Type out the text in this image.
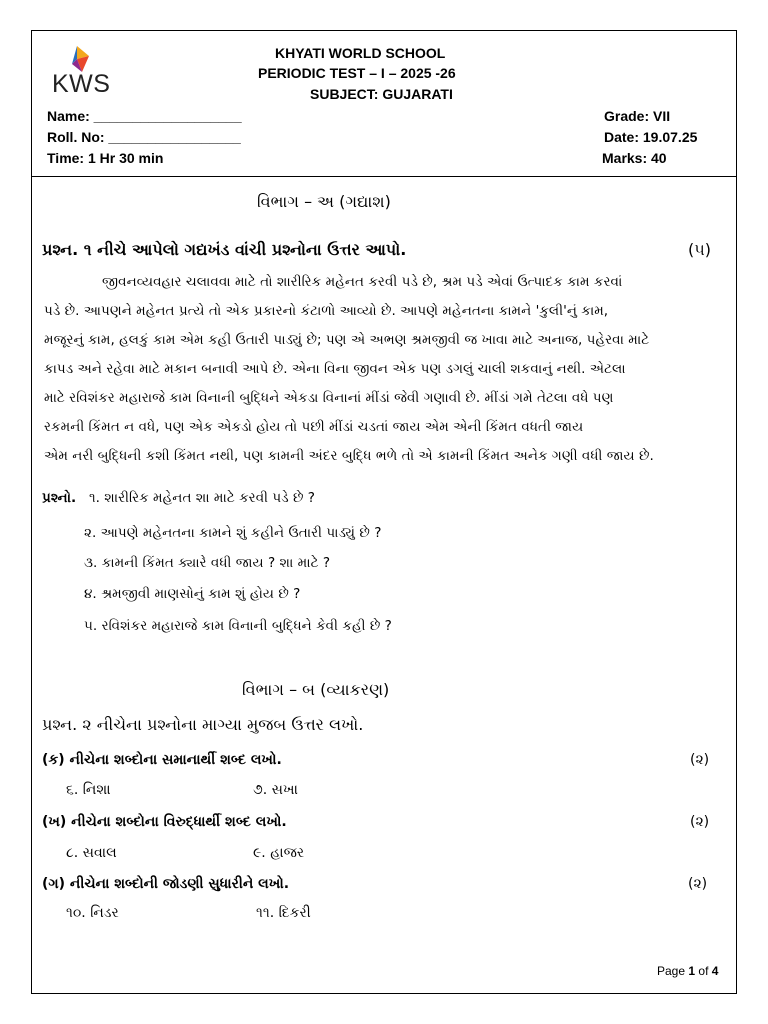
KWS
KHYATI WORLD SCHOOL
PERIODIC TEST – I – 2025 -26
SUBJECT: GUJARATI
Name: ___________________
Roll. No: _________________
Time: 1 Hr 30 min
Grade: VII
Date: 19.07.25
Marks: 40
વિભાગ – અ (ગદ્યાશ)
પ્રશ્ન. ૧ નીચે આપેલો ગદ્યખંડ વાંચી પ્રશ્નોના ઉત્તર આપો.	(૫)

જીવનવ્યવહાર ચલાવવા માટે તો શારીરિક મહેનત કરવી પડે છે, શ્રમ પડે એવાં ઉત્પાદક કામ કરવાં

પડે છે. આપણને મહેનત પ્રત્યે તો એક પ્રકારનો કંટાળો આવ્યો છે. આપણે મહેનતના કામને 'કુલી'નું કામ,

મજૂરનું કામ, હલકું કામ એમ કહી ઉતારી પાડ્યું છે; પણ એ અભણ શ્રમજીવી જ ખાવા માટે અનાજ, પહેરવા માટે

કાપડ અને રહેવા માટે મકાન બનાવી આપે છે. એના વિના જીવન એક પણ ડગલું ચાલી શકવાનું નથી. એટલા

માટે રવિશંકર મહારાજે કામ વિનાની બુદ્ધિને એકડા વિનાનાં મીંડાં જેવી ગણાવી છે. મીંડાં ગમે તેટલા વધે પણ

રકમની કિંમત ન વધે, પણ એક એકડો હોય તો પછી મીંડાં ચડતાં જાય એમ એની કિંમત વધતી જાય

એમ નરી બુદ્ધિની કશી કિંમત નથી, પણ કામની અંદર બુદ્ધિ ભળે તો એ કામની કિંમત અનેક ગણી વધી જાય છે.

પ્રશ્નો. ૧. શારીરિક મહેનત શા માટે કરવી પડે છે ?
૨. આપણે મહેનતના કામને શું કહીને ઉતારી પાડ્યું છે ?
૩. કામની કિંમત ક્યારે વધી જાય ? શા માટે ?
૪. શ્રમજીવી માણસોનું કામ શું હોય છે ?
૫. રવિશંકર મહારાજે કામ વિનાની બુદ્ધિને કેવી કહી છે ?
વિભાગ – બ (વ્યાકરણ)
પ્રશ્ન. ૨ નીચેના પ્રશ્નોના માગ્યા મુજબ ઉત્તર લખો.
(ક) નીચેના શબ્દોના સમાનાર્થી શબ્દ લખો.	(૨)
૬. નિશા	૭. સખા
(ખ) નીચેના શબ્દોના વિરુદ્ધાર્થી શબ્દ લખો.	(૨)
૮. સવાલ	૯. હાજર
(ગ) નીચેના શબ્દોની જોડણી સુધારીને લખો.	(૨)
૧૦. નિડર	૧૧. દિકરી
Page 1 of 4
